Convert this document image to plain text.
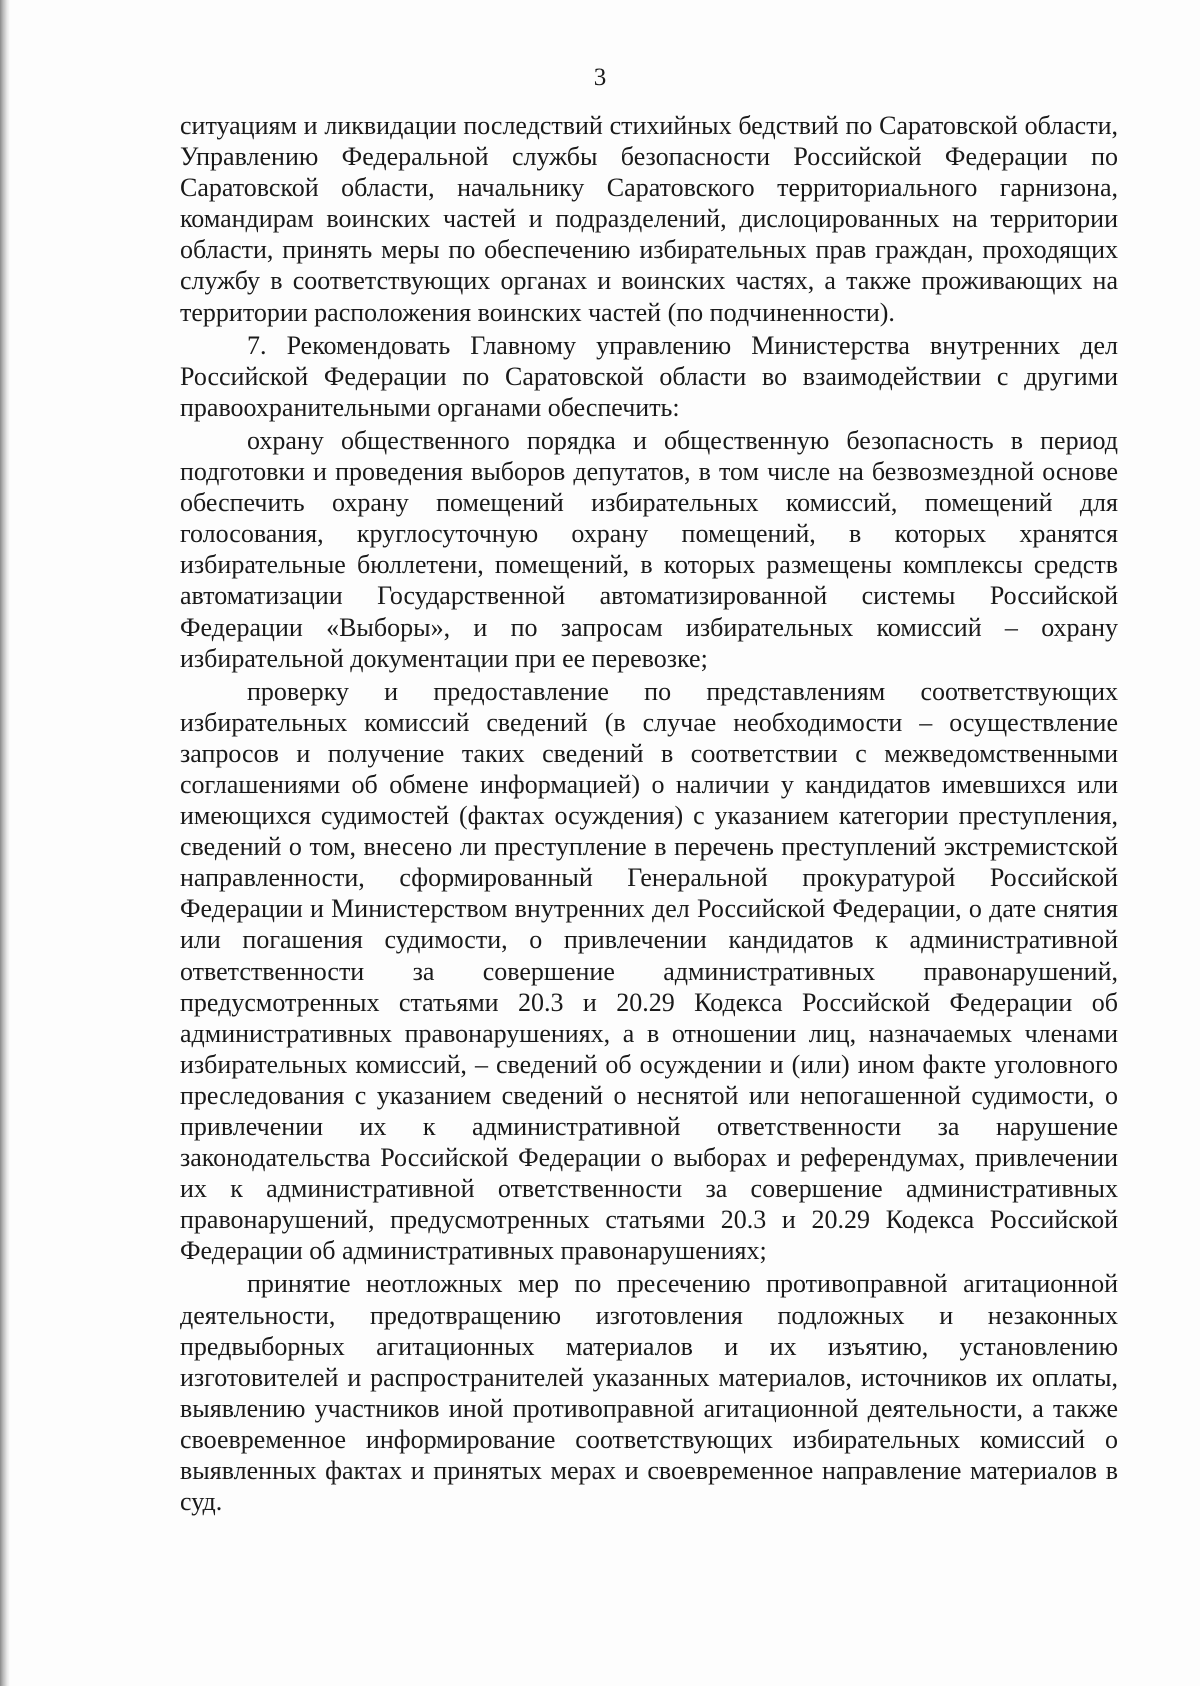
3

ситуациям и ликвидации последствий стихийных бедствий по Саратовской области, Управлению Федеральной службы безопасности Российской Федерации по Саратовской области, начальнику Саратовского территориального гарнизона, командирам воинских частей и подразделений, дислоцированных на территории области, принять меры по обеспечению избирательных прав граждан, проходящих службу в соответствующих органах и воинских частях, а также проживающих на территории расположения воинских частей (по подчиненности).

7. Рекомендовать Главному управлению Министерства внутренних дел Российской Федерации по Саратовской области во взаимодействии с другими правоохранительными органами обеспечить:

охрану общественного порядка и общественную безопасность в период подготовки и проведения выборов депутатов, в том числе на безвозмездной основе обеспечить охрану помещений избирательных комиссий, помещений для голосования, круглосуточную охрану помещений, в которых хранятся избирательные бюллетени, помещений, в которых размещены комплексы средств автоматизации Государственной автоматизированной системы Российской Федерации «Выборы», и по запросам избирательных комиссий – охрану избирательной документации при ее перевозке;

проверку и предоставление по представлениям соответствующих избирательных комиссий сведений (в случае необходимости – осуществление запросов и получение таких сведений в соответствии с межведомственными соглашениями об обмене информацией) о наличии у кандидатов имевшихся или имеющихся судимостей (фактах осуждения) с указанием категории преступления, сведений о том, внесено ли преступление в перечень преступлений экстремистской направленности, сформированный Генеральной прокуратурой Российской Федерации и Министерством внутренних дел Российской Федерации, о дате снятия или погашения судимости, о привлечении кандидатов к административной ответственности за совершение административных правонарушений, предусмотренных статьями 20.3 и 20.29 Кодекса Российской Федерации об административных правонарушениях, а в отношении лиц, назначаемых членами избирательных комиссий, – сведений об осуждении и (или) ином факте уголовного преследования с указанием сведений о неснятой или непогашенной судимости, о привлечении их к административной ответственности за нарушение законодательства Российской Федерации о выборах и референдумах, привлечении их к административной ответственности за совершение административных правонарушений, предусмотренных статьями 20.3 и 20.29 Кодекса Российской Федерации об административных правонарушениях;

принятие неотложных мер по пресечению противоправной агитационной деятельности, предотвращению изготовления подложных и незаконных предвыборных агитационных материалов и их изъятию, установлению изготовителей и распространителей указанных материалов, источников их оплаты, выявлению участников иной противоправной агитационной деятельности, а также своевременное информирование соответствующих избирательных комиссий о выявленных фактах и принятых мерах и своевременное направление материалов в суд.
